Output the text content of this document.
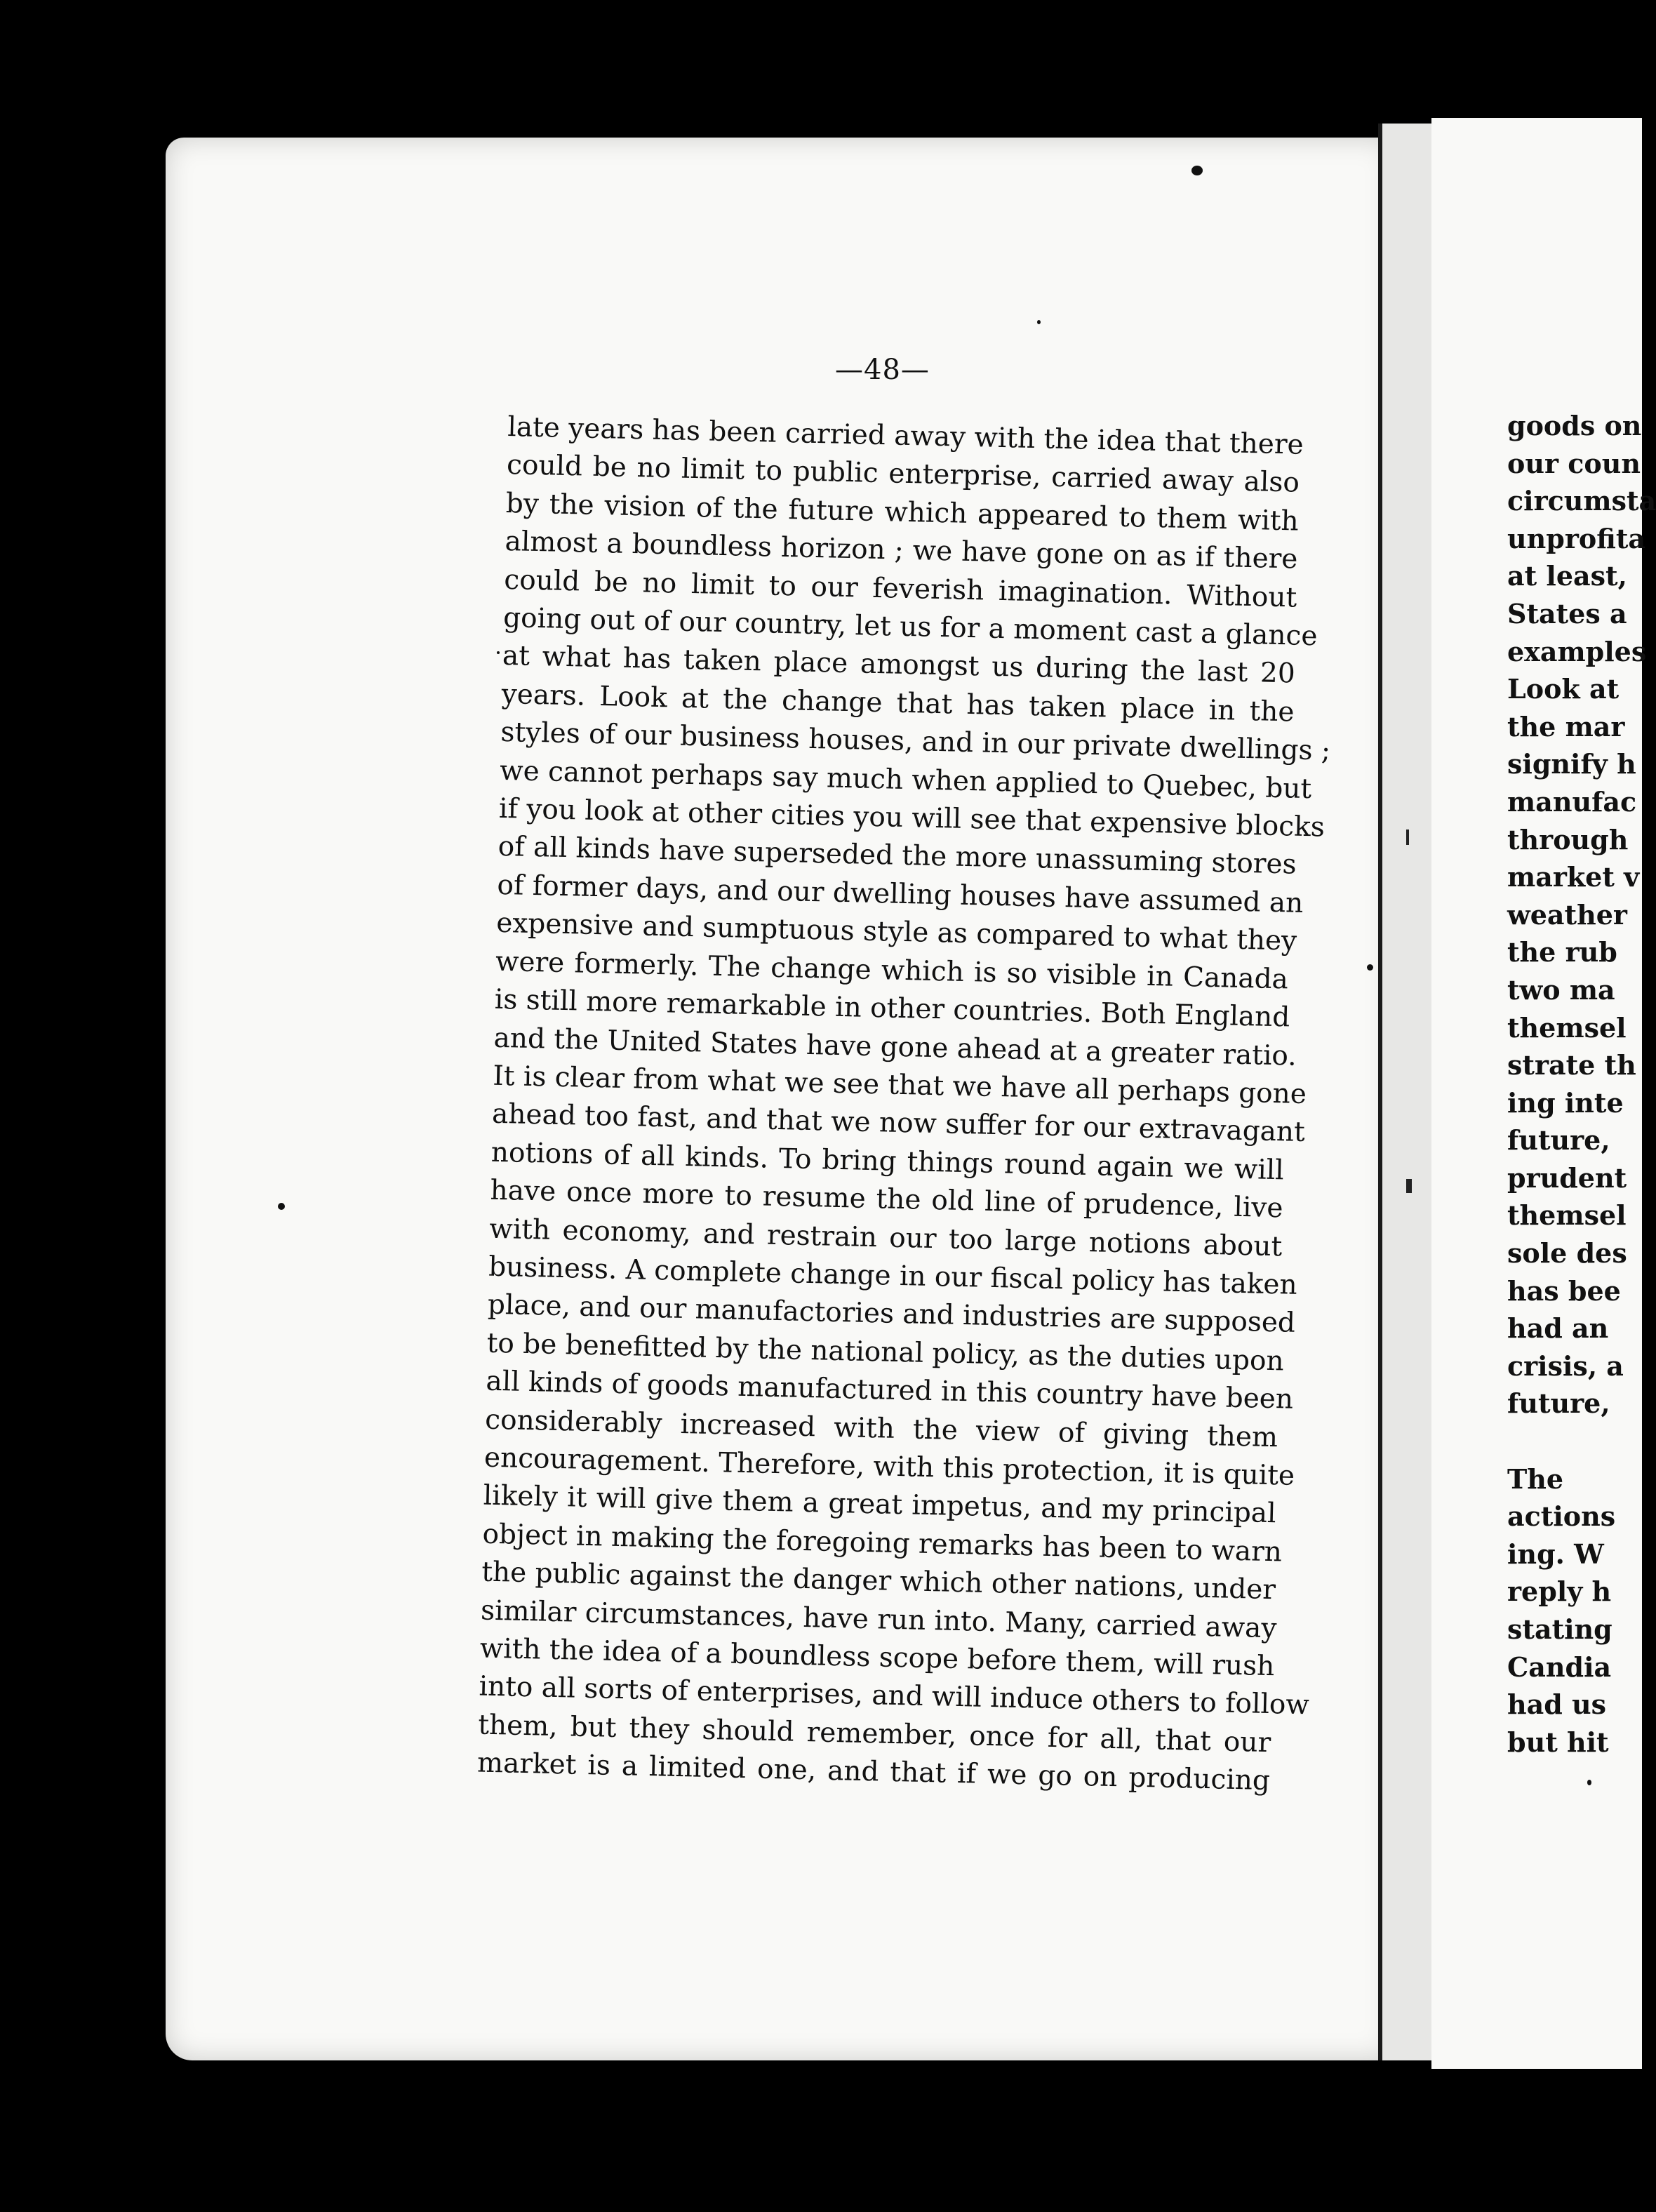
—48—
late years has been carried away with the idea that there
could be no limit to public enterprise, carried away also
by the vision of the future which appeared to them with
almost a boundless horizon ; we have gone on as if there
could be no limit to our feverish imagination. Without
going out of our country, let us for a moment cast a glance
at what has taken place amongst us during the last 20
years. Look at the change that has taken place in the
styles of our business houses, and in our private dwellings ;
we cannot perhaps say much when applied to Quebec, but
if you look at other cities you will see that expensive blocks
of all kinds have superseded the more unassuming stores
of former days, and our dwelling houses have assumed an
expensive and sumptuous style as compared to what they
were formerly. The change which is so visible in Canada
is still more remarkable in other countries. Both England
and the United States have gone ahead at a greater ratio.
It is clear from what we see that we have all perhaps gone
ahead too fast, and that we now suffer for our extravagant
notions of all kinds. To bring things round again we will
have once more to resume the old line of prudence, live
with economy, and restrain our too large notions about
business. A complete change in our fiscal policy has taken
place, and our manufactories and industries are supposed
to be benefitted by the national policy, as the duties upon
all kinds of goods manufactured in this country have been
considerably increased with the view of giving them
encouragement. Therefore, with this protection, it is quite
likely it will give them a great impetus, and my principal
object in making the foregoing remarks has been to warn
the public against the danger which other nations, under
similar circumstances, have run into. Many, carried away
with the idea of a boundless scope before them, will rush
into all sorts of enterprises, and will induce others to follow
them, but they should remember, once for all, that our
market is a limited one, and that if we go on producing
goods on
our coun
circumsta
unprofita
at least,
States a
examples
Look at
the mar
signify h
manufac
through
market v
weather
the rub
two ma
themsel
strate th
ing inte
future,
prudent
themsel
sole des
has bee
had an
crisis, a
future,
The
actions
ing. W
reply h
stating
Candia
had us
but hit
